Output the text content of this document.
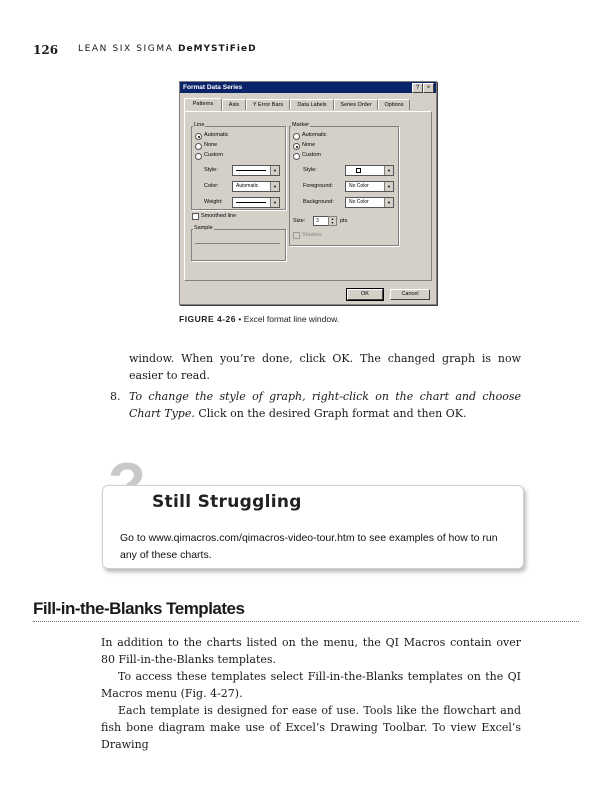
126 LEAN SIX SIGMA DeMYSTiFieD
Format Data Series	?	×
Patterns	Axis	Y Error Bars	Data Labels	Series Order	Options
Line
Automatic
None
Custom
Style:	▼
Color:	Automatic	▼
Weight:	▼
Smoothed line
Sample
Marker
Automatic
None
Custom
Style:	▼
Foreground:	No Color	▼
Background:	No Color	▼
Size:	3	▲
▼	pts
Shadow
OK	Cancel
FIGURE 4-26 • Excel format line window.
window. When you’re done, click OK. The changed graph is now easier to read.
8. To change the style of graph, right-click on the chart and choose Chart Type. Click on the desired Graph format and then OK.
Still Struggling
Go to www.qimacros.com/qimacros-video-tour.htm to see examples of how to run any of these charts.
Fill-in-the-Blanks Templates
In addition to the charts listed on the menu, the QI Macros contain over 80 Fill-in-the-Blanks templates.
To access these templates select Fill-in-the-Blanks templates on the QI Macros menu (Fig. 4-27).
Each template is designed for ease of use. Tools like the flowchart and fish bone diagram make use of Excel’s Drawing Toolbar. To view Excel’s Drawing
